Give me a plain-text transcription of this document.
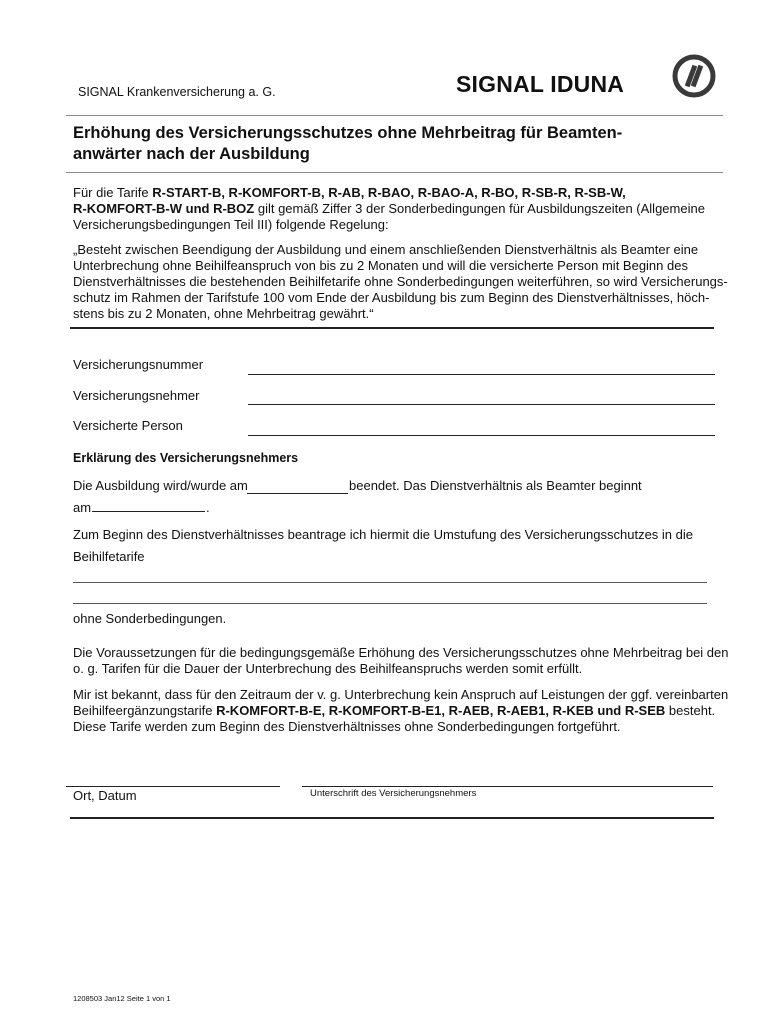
SIGNAL Krankenversicherung a. G.	SIGNAL IDUNA
Erhöhung des Versicherungsschutzes ohne Mehrbeitrag für Beamten-
anwärter nach der Ausbildung
Für die Tarife R-START-B, R-KOMFORT-B, R-AB, R-BAO, R-BAO-A, R-BO, R-SB-R, R-SB-W,
R-KOMFORT-B-W und R-BOZ gilt gemäß Ziffer 3 der Sonderbedingungen für Ausbildungszeiten (Allgemeine
Versicherungsbedingungen Teil III) folgende Regelung:
„Besteht zwischen Beendigung der Ausbildung und einem anschließenden Dienstverhältnis als Beamter eine
Unterbrechung ohne Beihilfeanspruch von bis zu 2 Monaten und will die versicherte Person mit Beginn des
Dienstverhältnisses die bestehenden Beihilfetarife ohne Sonderbedingungen weiterführen, so wird Versicherungs-
schutz im Rahmen der Tarifstufe 100 vom Ende der Ausbildung bis zum Beginn des Dienstverhältnisses, höch-
stens bis zu 2 Monaten, ohne Mehrbeitrag gewährt.“
Versicherungsnummer
Versicherungsnehmer
Versicherte Person
Erklärung des Versicherungsnehmers
Die Ausbildung wird/wurde am	beendet. Das Dienstverhältnis als Beamter beginnt
am	.
Zum Beginn des Dienstverhältnisses beantrage ich hiermit die Umstufung des Versicherungsschutzes in die
Beihilfetarife
ohne Sonderbedingungen.
Die Voraussetzungen für die bedingungsgemäße Erhöhung des Versicherungsschutzes ohne Mehrbeitrag bei den
o. g. Tarifen für die Dauer der Unterbrechung des Beihilfeanspruchs werden somit erfüllt.
Mir ist bekannt, dass für den Zeitraum der v. g. Unterbrechung kein Anspruch auf Leistungen der ggf. vereinbarten
Beihilfeergänzungstarife R-KOMFORT-B-E, R-KOMFORT-B-E1, R-AEB, R-AEB1, R-KEB und R-SEB besteht.
Diese Tarife werden zum Beginn des Dienstverhältnisses ohne Sonderbedingungen fortgeführt.
Ort, Datum	Unterschrift des Versicherungsnehmers
1208503 Jan12 Seite 1 von 1
